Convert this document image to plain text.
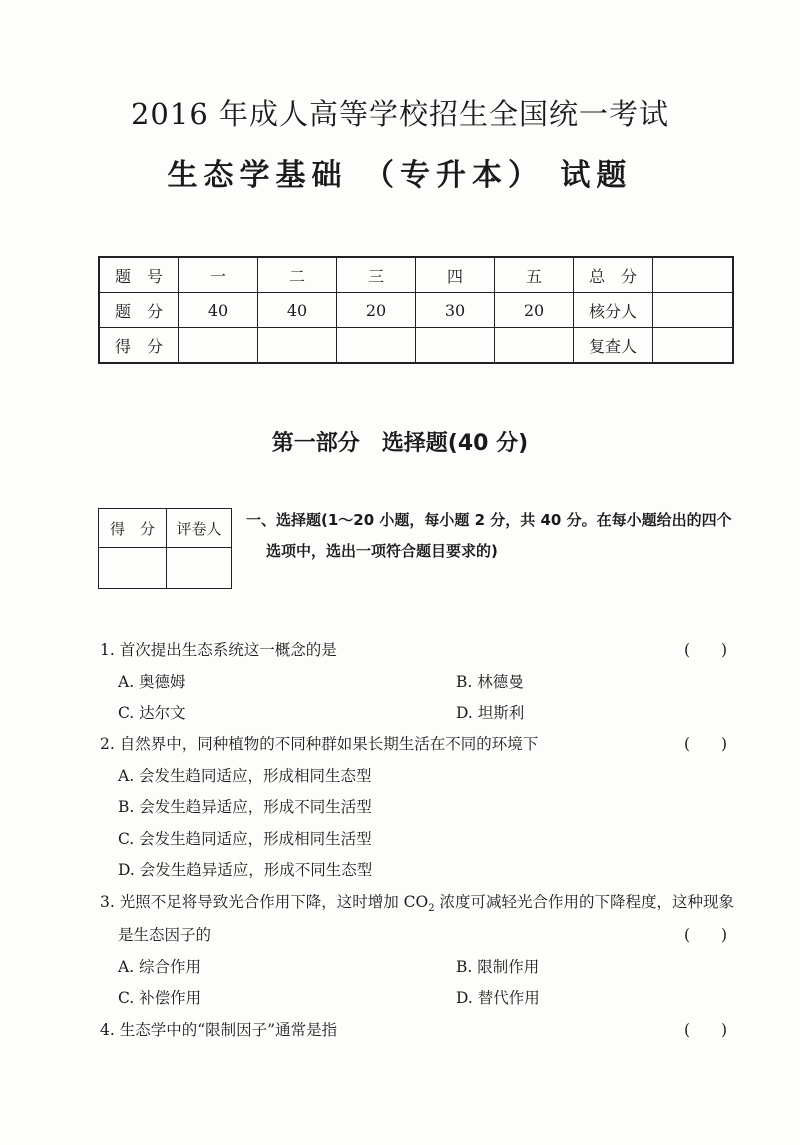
2016 年成人高等学校招生全国统一考试
生态学基础 （专升本） 试题
题　号	一	二	三	四	五	总　分	
题　分	40	40	20	30	20	核分人	
得　分						复查人	
第一部分　选择题(40 分)
得　分	评卷人
	一、选择题(1～20 小题，每小题 2 分，共 40 分。在每小题给出的四个
选项中，选出一项符合题目要求的)
1. 首次提出生态系统这一概念的是	(　　)
A. 奥德姆	B. 林德曼
C. 达尔文	D. 坦斯利
2. 自然界中，同种植物的不同种群如果长期生活在不同的环境下	(　　)
A. 会发生趋同适应，形成相同生态型
B. 会发生趋异适应，形成不同生活型
C. 会发生趋同适应，形成相同生活型
D. 会发生趋异适应，形成不同生态型
3. 光照不足将导致光合作用下降，这时增加 $CO_2$ 浓度可减轻光合作用的下降程度，这种现象
是生态因子的	(　　)
A. 综合作用	B. 限制作用
C. 补偿作用	D. 替代作用
4. 生态学中的“限制因子”通常是指	(　　)
